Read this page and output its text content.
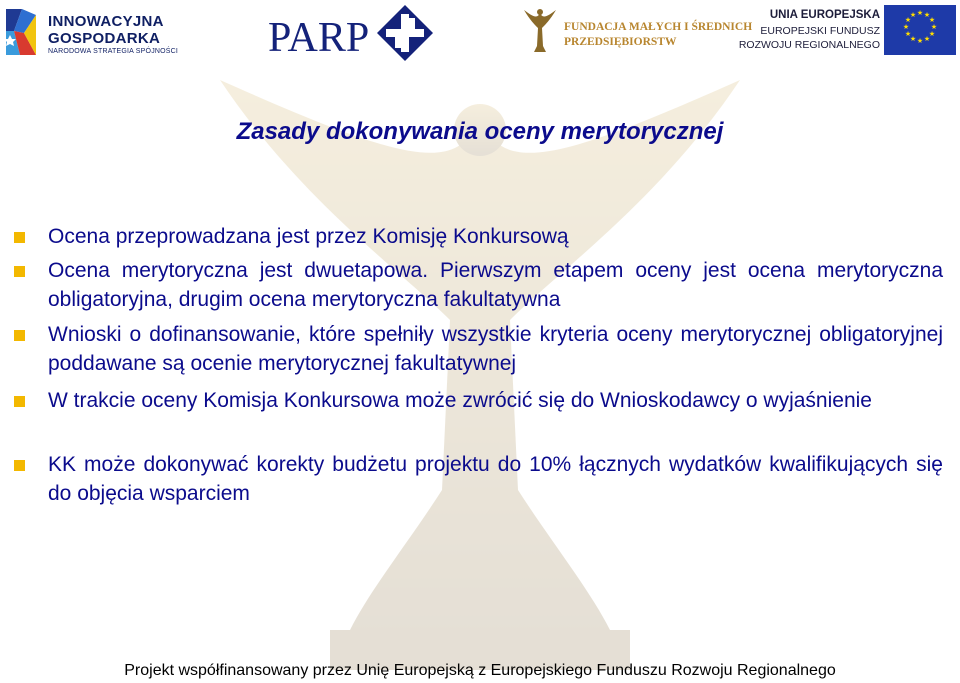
INNOWACYJNA
GOSPODARKA
NARODOWA STRATEGIA SPÓJNOŚCI PARP	FUNDACJA MAŁYCH I ŚREDNICH
PRZEDSIĘBIORSTW
UNIA EUROPEJSKA
EUROPEJSKI FUNDUSZ
ROZWOJU REGIONALNEGO
★ ★
★
★
★
★
★
★
★
★
★
★
Zasady dokonywania oceny merytorycznej
Ocena przeprowadzana jest przez Komisję Konkursową
Ocena merytoryczna jest dwuetapowa. Pierwszym etapem oceny jest ocena merytoryczna obligatoryjna, drugim ocena merytoryczna fakultatywna
Wnioski o dofinansowanie, które spełniły wszystkie kryteria oceny merytorycznej obligatoryjnej poddawane są ocenie merytorycznej fakultatywnej
W trakcie oceny Komisja Konkursowa może zwrócić się do Wnioskodawcy o wyjaśnienie
KK może dokonywać korekty budżetu projektu do 10% łącznych wydatków kwalifikujących się do objęcia wsparciem
Projekt współfinansowany przez Unię Europejską z Europejskiego Funduszu Rozwoju Regionalnego
